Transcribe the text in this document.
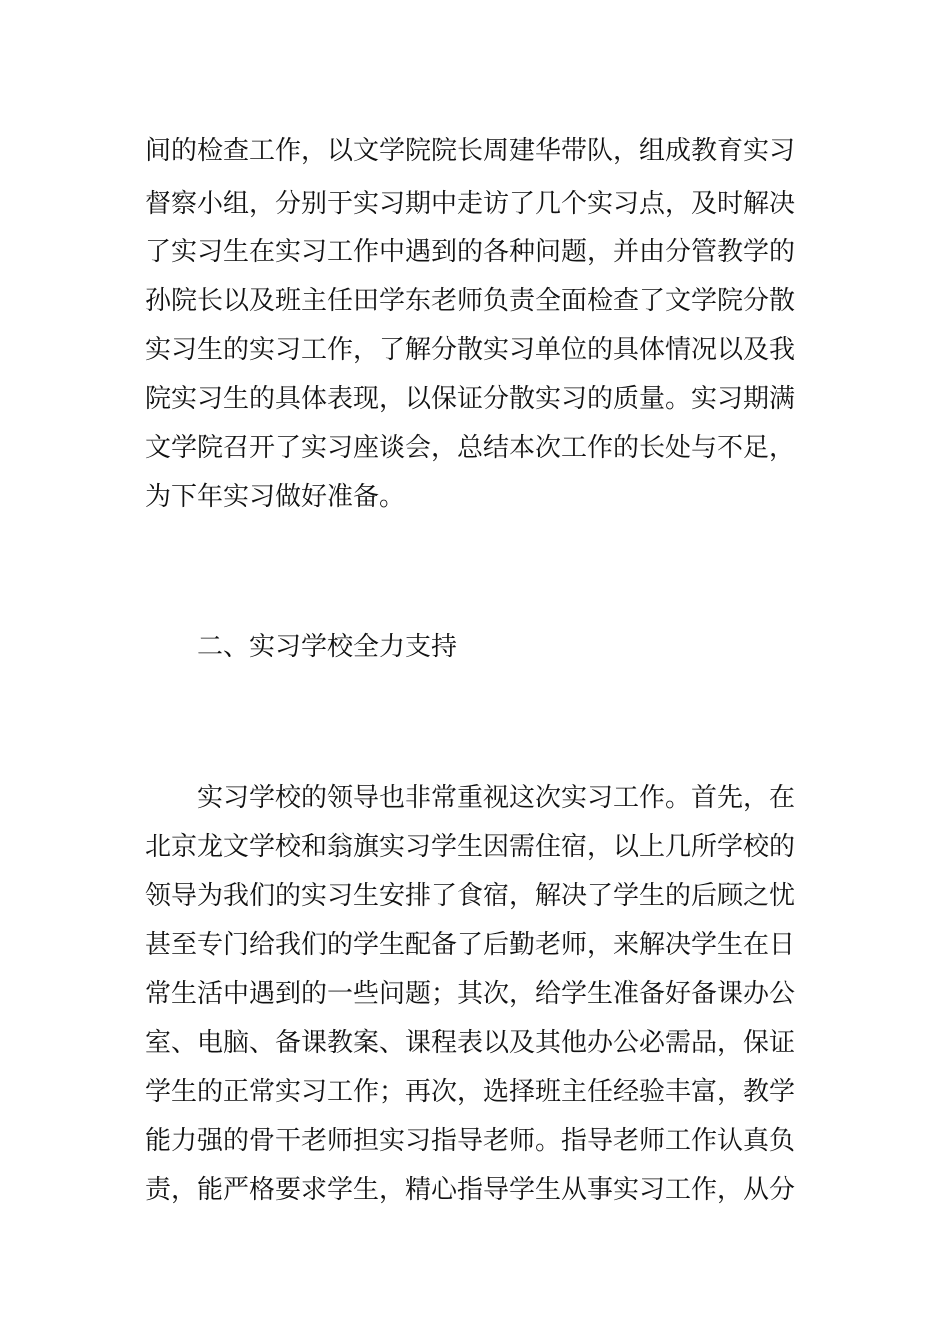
间的检查工作，以文学院院长周建华带队，组成教育实习
督察小组，分别于实习期中走访了几个实习点，及时解决
了实习生在实习工作中遇到的各种问题，并由分管教学的
孙院长以及班主任田学东老师负责全面检查了文学院分散
实习生的实习工作，了解分散实习单位的具体情况以及我
院实习生的具体表现，以保证分散实习的质量。实习期满
文学院召开了实习座谈会，总结本次工作的长处与不足，
为下年实习做好准备。
二、实习学校全力支持
实习学校的领导也非常重视这次实习工作。首先，在
北京龙文学校和翁旗实习学生因需住宿，以上几所学校的
领导为我们的实习生安排了食宿，解决了学生的后顾之忧
甚至专门给我们的学生配备了后勤老师，来解决学生在日
常生活中遇到的一些问题；其次，给学生准备好备课办公
室、电脑、备课教案、课程表以及其他办公必需品，保证
学生的正常实习工作；再次，选择班主任经验丰富，教学
能力强的骨干老师担实习指导老师。指导老师工作认真负
责，能严格要求学生，精心指导学生从事实习工作，从分
